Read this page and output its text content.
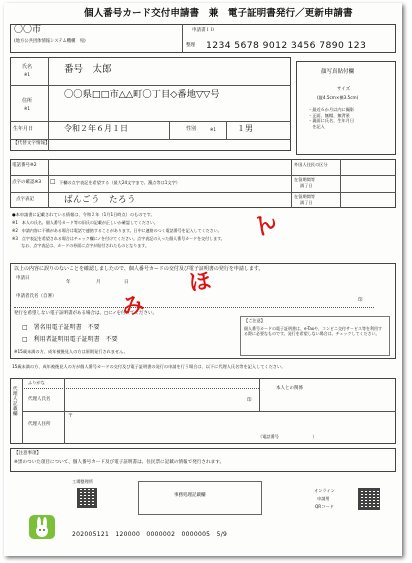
個人番号カード交付申請書　兼　電子証明書発行／更新申請書
〇〇市
(地方公共団体情報システム機構　宛)
申請書ＩＤ
整理 1234 5678 9012 3456 7890 123
氏名
※1	番号　太郎
住所
※1
〇〇県□□市△△町〇丁目◇番地▽▽号
生年月日	令和２年６月１日	性別	※1	１男
【代替文字情報】
顔写真貼付欄
サイズ
(縦4.5cm×横3.5cm)
・最近６か月以内に撮影
・正面、無帽、無背景
・裏面に氏名、生年月日
　を記入
電話番号※2
点字の確認※3 □ 下欄の点字表記を希望する（最大24文字まで。濁点等は1文字）
点字表記	ばんごう　たろう
外国人住民の区分
在留期間等
満了日
在留期間等
満了日
●本申請書に記載されている情報は、令和２年（1月1日時点）のものです。
※1　本人の氏名、個人番号カード等の旧氏の記載が正しいか確認してください。
※2　申請内容に不備がある場合は電話で連絡することがあります。日中に連絡のつく電話番号を記入してください。
※3　点字表記を希望される場合はチェック欄に✓を付けてください。点字表記の入った個人番号カードを交付します。
　　 なお、点字表記は、カードの券面に点字が貼付されたものとなります。
以上の内容に誤りのないことを確認しましたので、個人番号カードの交付及び電子証明書の発行を申請します。
申請日
年	月	日
申請者氏名（自署）
印
発行を希望しない電子証明書がある場合は、□に✓を付けてください。
□　署名用電子証明書　不要
□　利用者証明用電子証明書　不要
※15歳未満の方、成年被後見人の方は原則発行されません。
【ご注意】
個人番号カードの電子証明書は、e-Taxや、コンビニ交付サービス等を利用する際に必要なものです。発行を希望しない場合は、チェックしてください。
15歳未満の方、成年被後見人の方が個人番号カードの交付及び電子証明書の発行の申請を行う場合は、以下に代理人氏名等を記入してください。
代理人記載欄
ふりがな
代理人氏名
本人との関係
印
代理人住所
〒
（電話番号　　　　　　　　）
【注意事項】
※黒のついた項目について、個人番号カード及び電子証明書は、住民票に記載の情報で発行されます。
工場整理所
事務処理記載欄
オンライン
申請用
QRコード
202005121　120000　0000002　0000005　5/9
ん
ほ
み
